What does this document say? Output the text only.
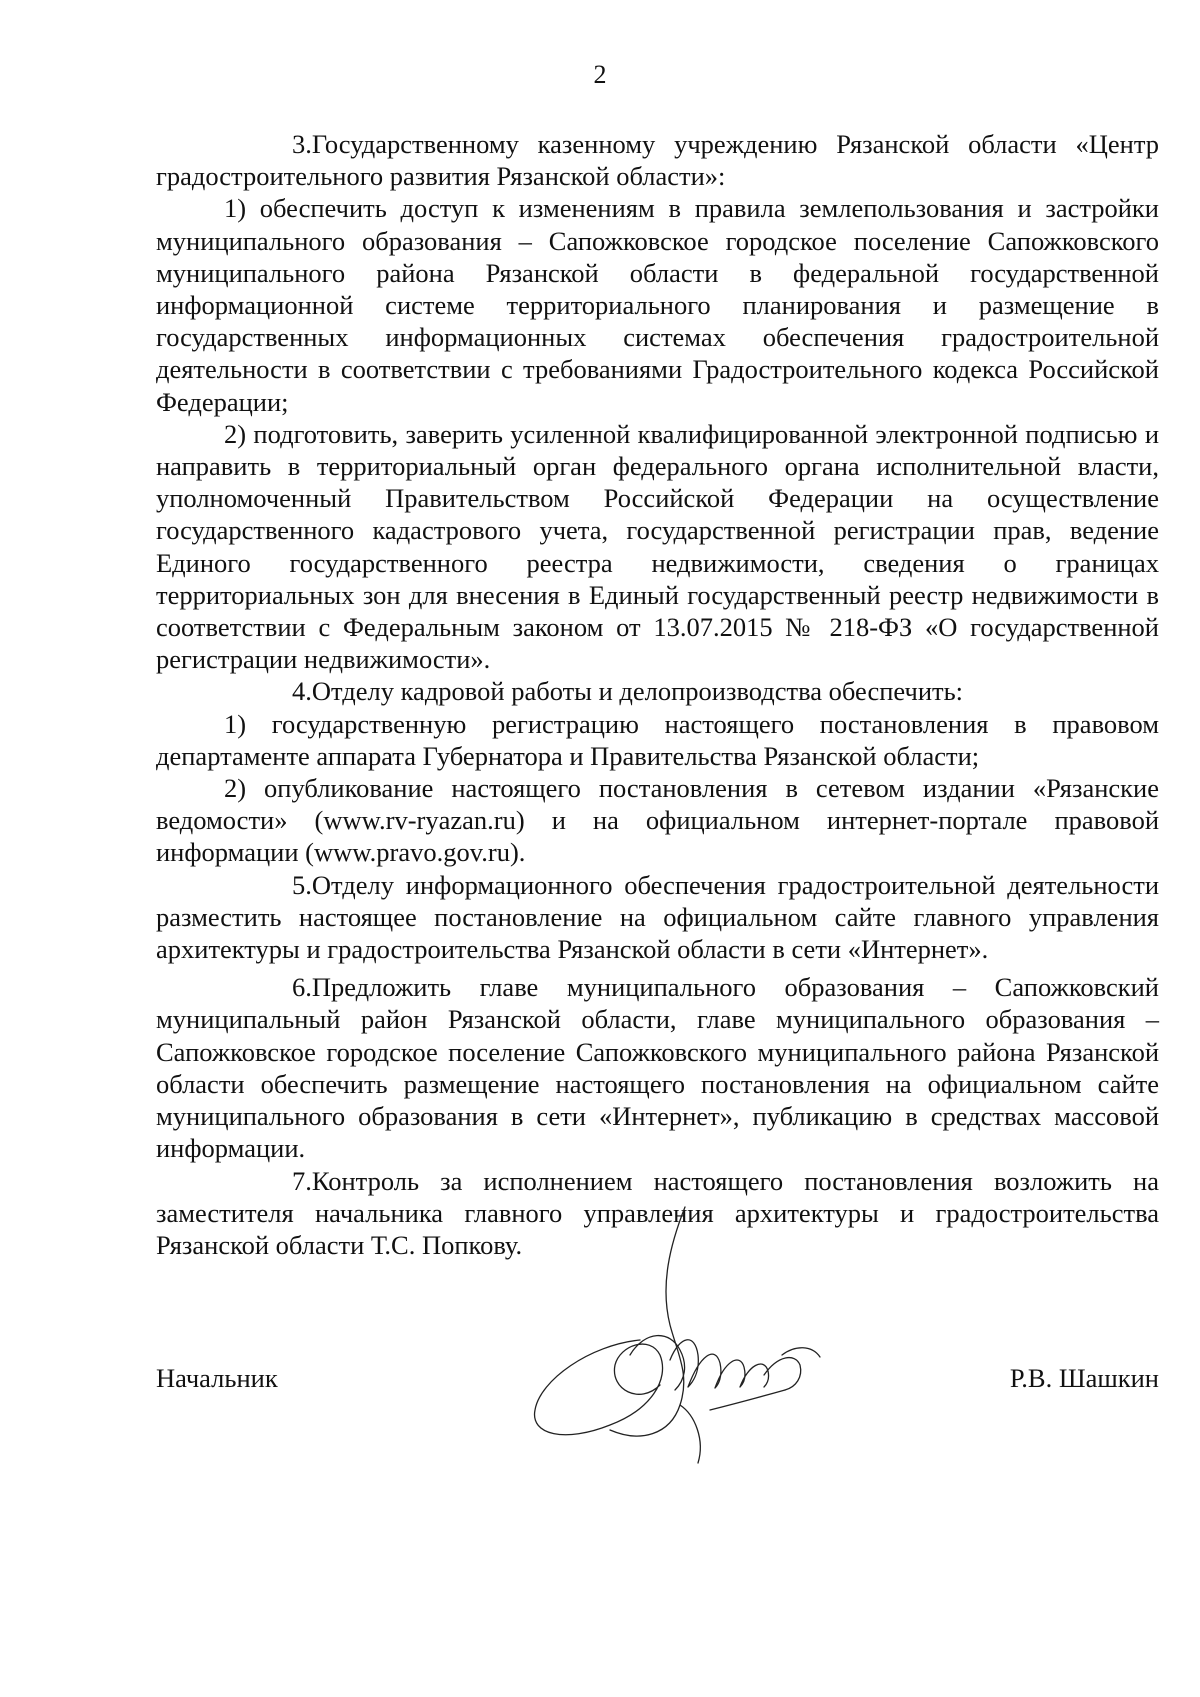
2

3.Государственному казенному учреждению Рязанской области «Центр градостроительного развития Рязанской области»:

1) обеспечить доступ к изменениям в правила землепользования и застройки муниципального образования – Сапожковское городское поселение Сапожковского муниципального района Рязанской области в федеральной государственной информационной системе территориального планирования и размещение в государственных информационных системах обеспечения градостроительной деятельности в соответствии с требованиями Градостроительного кодекса Российской Федерации;

2) подготовить, заверить усиленной квалифицированной электронной подписью и направить в территориальный орган федерального органа исполнительной власти, уполномоченный Правительством Российской Федерации на осуществление государственного кадастрового учета, государственной регистрации прав, ведение Единого государственного реестра недвижимости, сведения о границах территориальных зон для внесения в Единый государственный реестр недвижимости в соответствии с Федеральным законом от 13.07.2015 № 218-ФЗ «О государственной регистрации недвижимости».

4.Отделу кадровой работы и делопроизводства обеспечить:

1) государственную регистрацию настоящего постановления в правовом департаменте аппарата Губернатора и Правительства Рязанской области;

2) опубликование настоящего постановления в сетевом издании «Рязанские ведомости» (www.rv-ryazan.ru) и на официальном интернет-портале правовой информации (www.pravo.gov.ru).

5.Отделу информационного обеспечения градостроительной деятельности разместить настоящее постановление на официальном сайте главного управления архитектуры и градостроительства Рязанской области в сети «Интернет».

6.Предложить главе муниципального образования – Сапожковский муниципальный район Рязанской области, главе муниципального образования – Сапожковское городское поселение Сапожковского муниципального района Рязанской области обеспечить размещение настоящего постановления на официальном сайте муниципального образования в сети «Интернет», публикацию в средствах массовой информации.

7.Контроль за исполнением настоящего постановления возложить на заместителя начальника главного управления архитектуры и градостроительства Рязанской области Т.С. Попкову.

Начальник	Р.В. Шашкин
